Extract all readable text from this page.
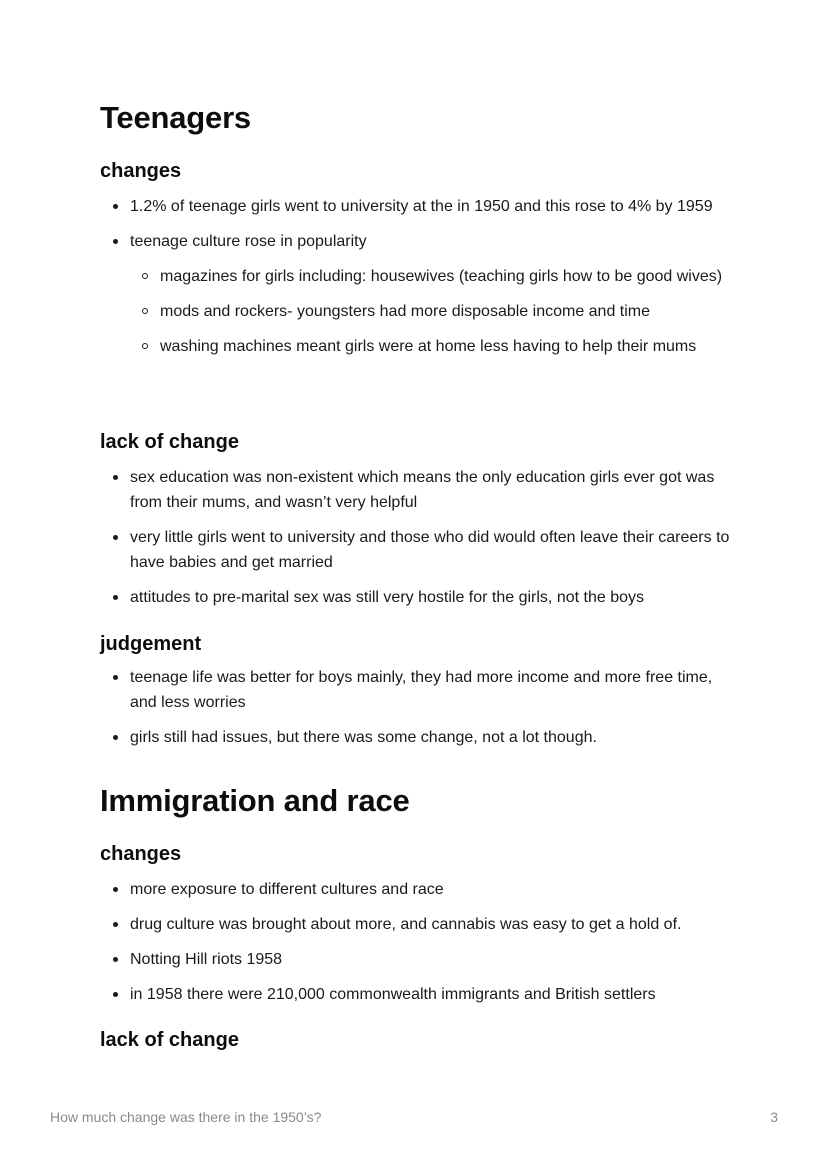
Teenagers
changes
1.2% of teenage girls went to university at the in 1950 and this rose to 4% by 1959
teenage culture rose in popularity
magazines for girls including: housewives (teaching girls how to be good wives)
mods and rockers- youngsters had more disposable income and time
washing machines meant girls were at home less having to help their mums
lack of change
sex education was non-existent which means the only education girls ever got was from their mums, and wasn’t very helpful
very little girls went to university and those who did would often leave their careers to have babies and get married
attitudes to pre-marital sex was still very hostile for the girls, not the boys
judgement
teenage life was better for boys mainly, they had more income and more free time, and less worries
girls still had issues, but there was some change, not a lot though.
Immigration and race
changes
more exposure to different cultures and race
drug culture was brought about more, and cannabis was easy to get a hold of.
Notting Hill riots 1958
in 1958 there were 210,000 commonwealth immigrants and British settlers
lack of change
How much change was there in the 1950’s?	3
